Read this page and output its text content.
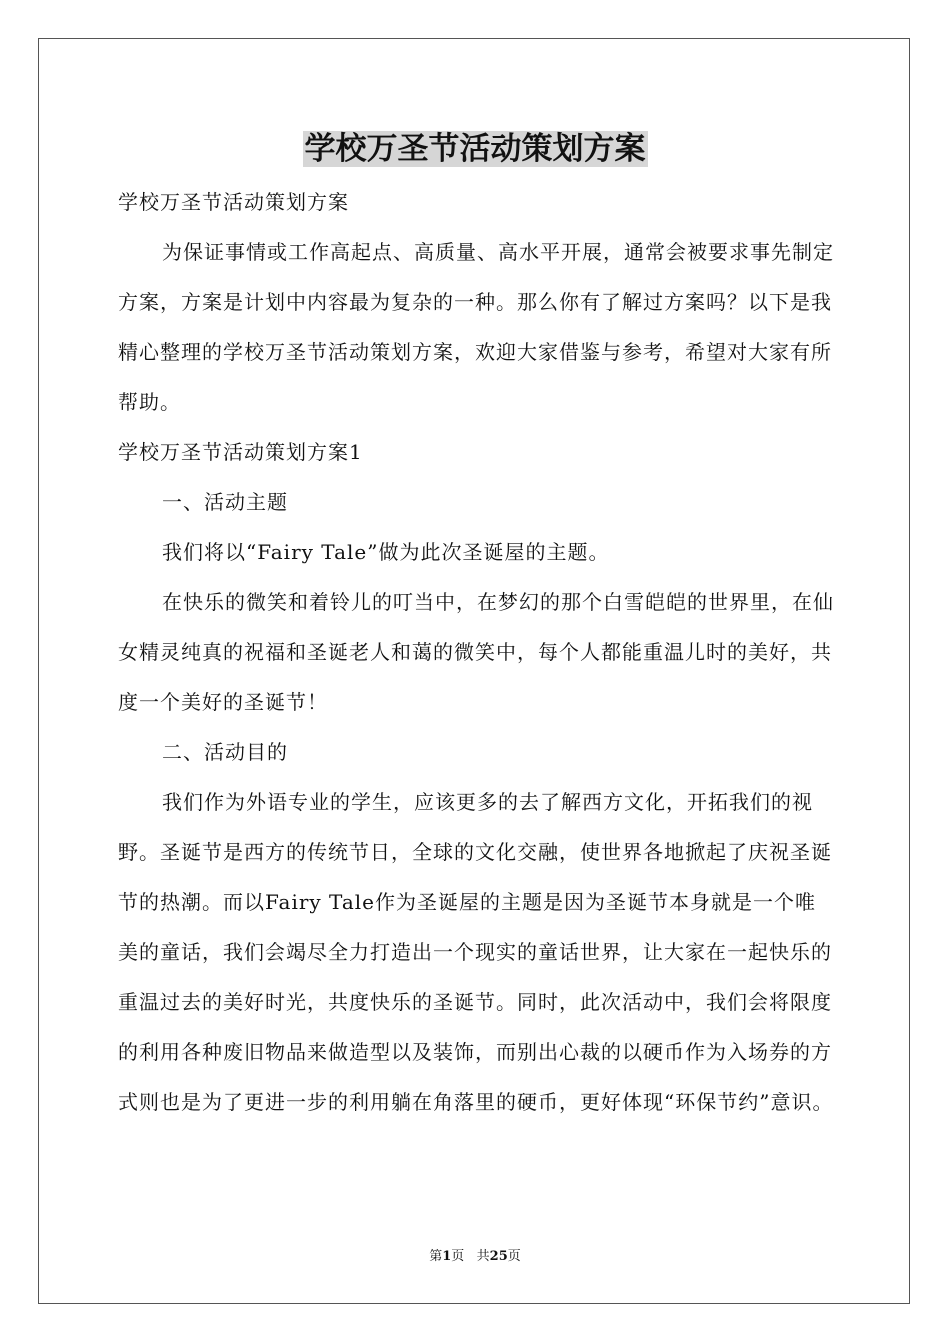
学校万圣节活动策划方案

学校万圣节活动策划方案

为保证事情或工作高起点、高质量、高水平开展，通常会被要求事先制定方案，方案是计划中内容最为复杂的一种。那么你有了解过方案吗？以下是我精心整理的学校万圣节活动策划方案，欢迎大家借鉴与参考，希望对大家有所帮助。

学校万圣节活动策划方案1

一、活动主题

我们将以“Fairy Tale”做为此次圣诞屋的主题。

在快乐的微笑和着铃儿的叮当中，在梦幻的那个白雪皑皑的世界里，在仙女精灵纯真的祝福和圣诞老人和蔼的微笑中，每个人都能重温儿时的美好，共度一个美好的圣诞节！

二、活动目的

我们作为外语专业的学生，应该更多的去了解西方文化，开拓我们的视野。圣诞节是西方的传统节日，全球的文化交融，使世界各地掀起了庆祝圣诞节的热潮。而以Fairy Tale作为圣诞屋的主题是因为圣诞节本身就是一个唯美的童话，我们会竭尽全力打造出一个现实的童话世界，让大家在一起快乐的重温过去的美好时光，共度快乐的圣诞节。同时，此次活动中，我们会将限度的利用各种废旧物品来做造型以及装饰，而别出心裁的以硬币作为入场券的方式则也是为了更进一步的利用躺在角落里的硬币，更好体现“环保节约”意识。

第1页   共25页
